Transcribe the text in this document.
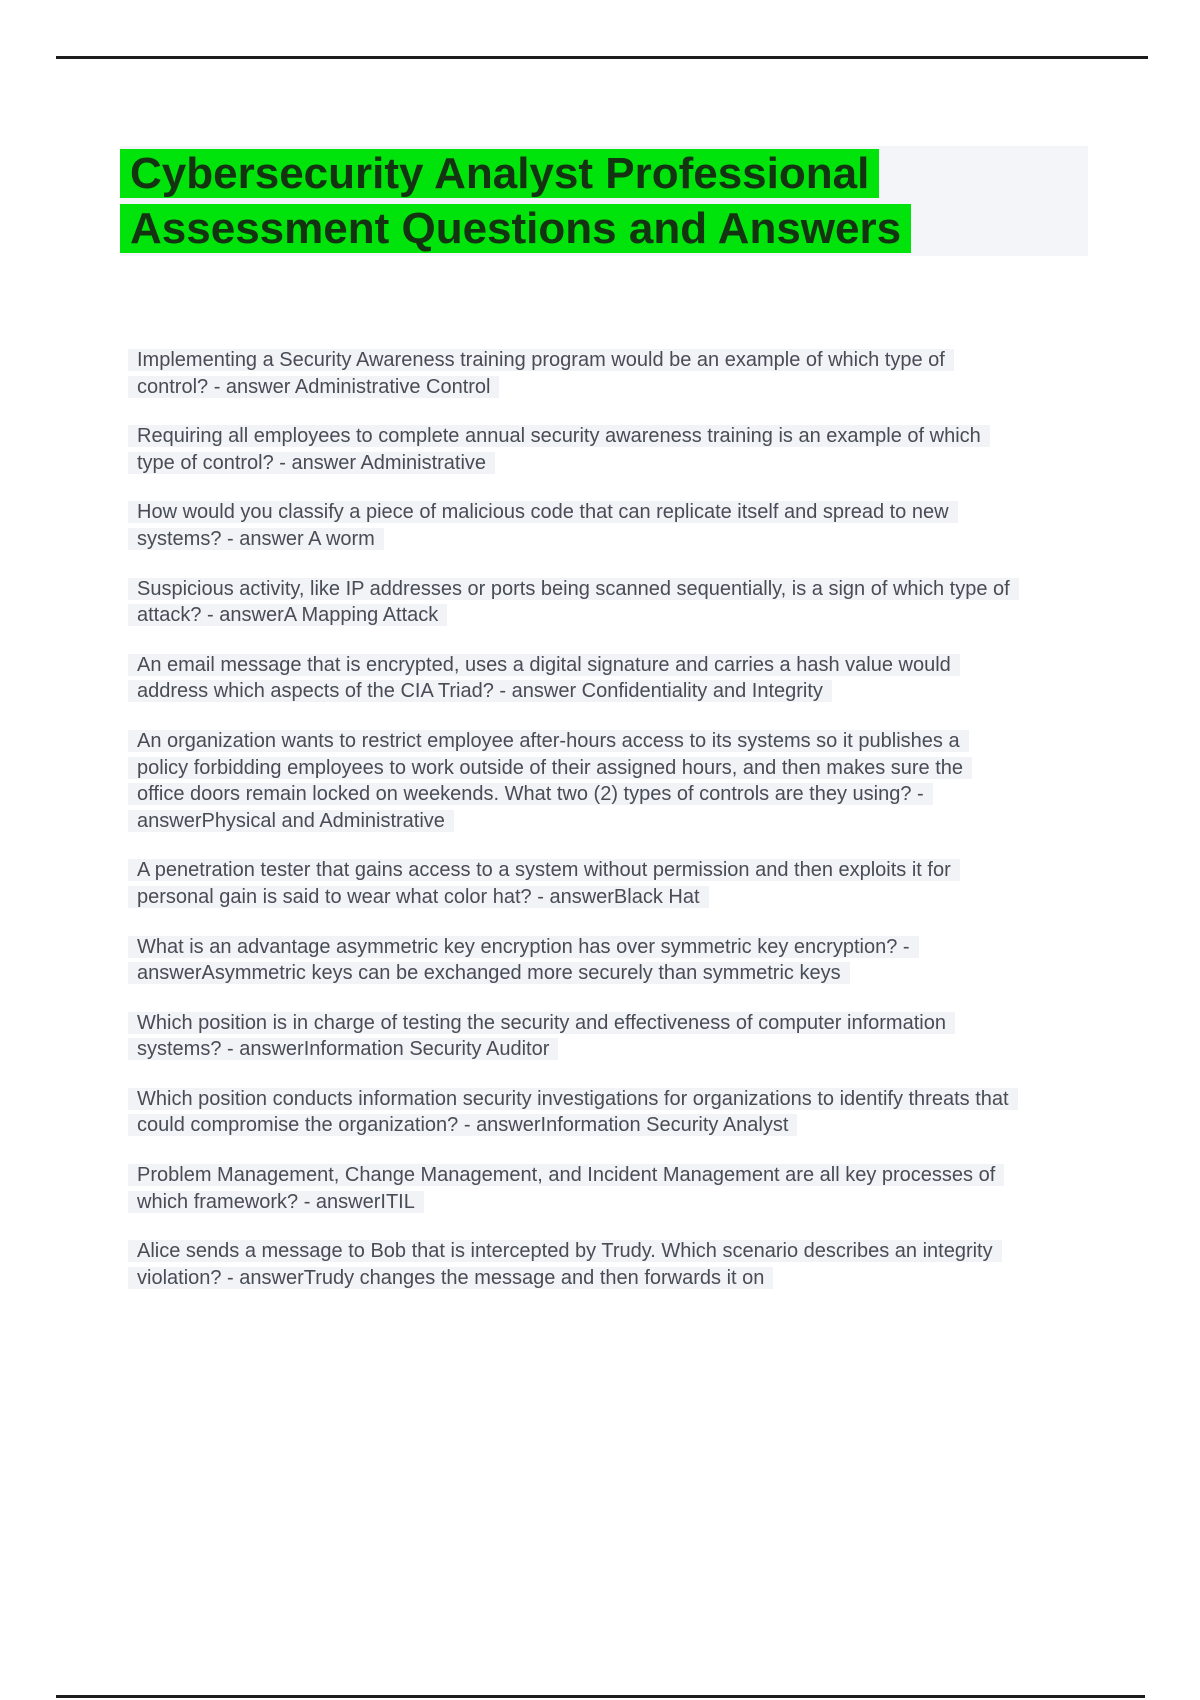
Cybersecurity Analyst Professional Assessment Questions and Answers

Implementing a Security Awareness training program would be an example of which type of control? - answer Administrative Control

Requiring all employees to complete annual security awareness training is an example of which type of control? - answer Administrative

How would you classify a piece of malicious code that can replicate itself and spread to new systems? - answer A worm

Suspicious activity, like IP addresses or ports being scanned sequentially, is a sign of which type of attack? - answerA Mapping Attack

An email message that is encrypted, uses a digital signature and carries a hash value would address which aspects of the CIA Triad? - answer Confidentiality and Integrity

An organization wants to restrict employee after-hours access to its systems so it publishes a policy forbidding employees to work outside of their assigned hours, and then makes sure the office doors remain locked on weekends. What two (2) types of controls are they using? - answerPhysical and Administrative

A penetration tester that gains access to a system without permission and then exploits it for personal gain is said to wear what color hat? - answerBlack Hat

What is an advantage asymmetric key encryption has over symmetric key encryption? - answerAsymmetric keys can be exchanged more securely than symmetric keys

Which position is in charge of testing the security and effectiveness of computer information systems? - answerInformation Security Auditor

Which position conducts information security investigations for organizations to identify threats that could compromise the organization? - answerInformation Security Analyst

Problem Management, Change Management, and Incident Management are all key processes of which framework? - answerITIL

Alice sends a message to Bob that is intercepted by Trudy. Which scenario describes an integrity violation? - answerTrudy changes the message and then forwards it on
